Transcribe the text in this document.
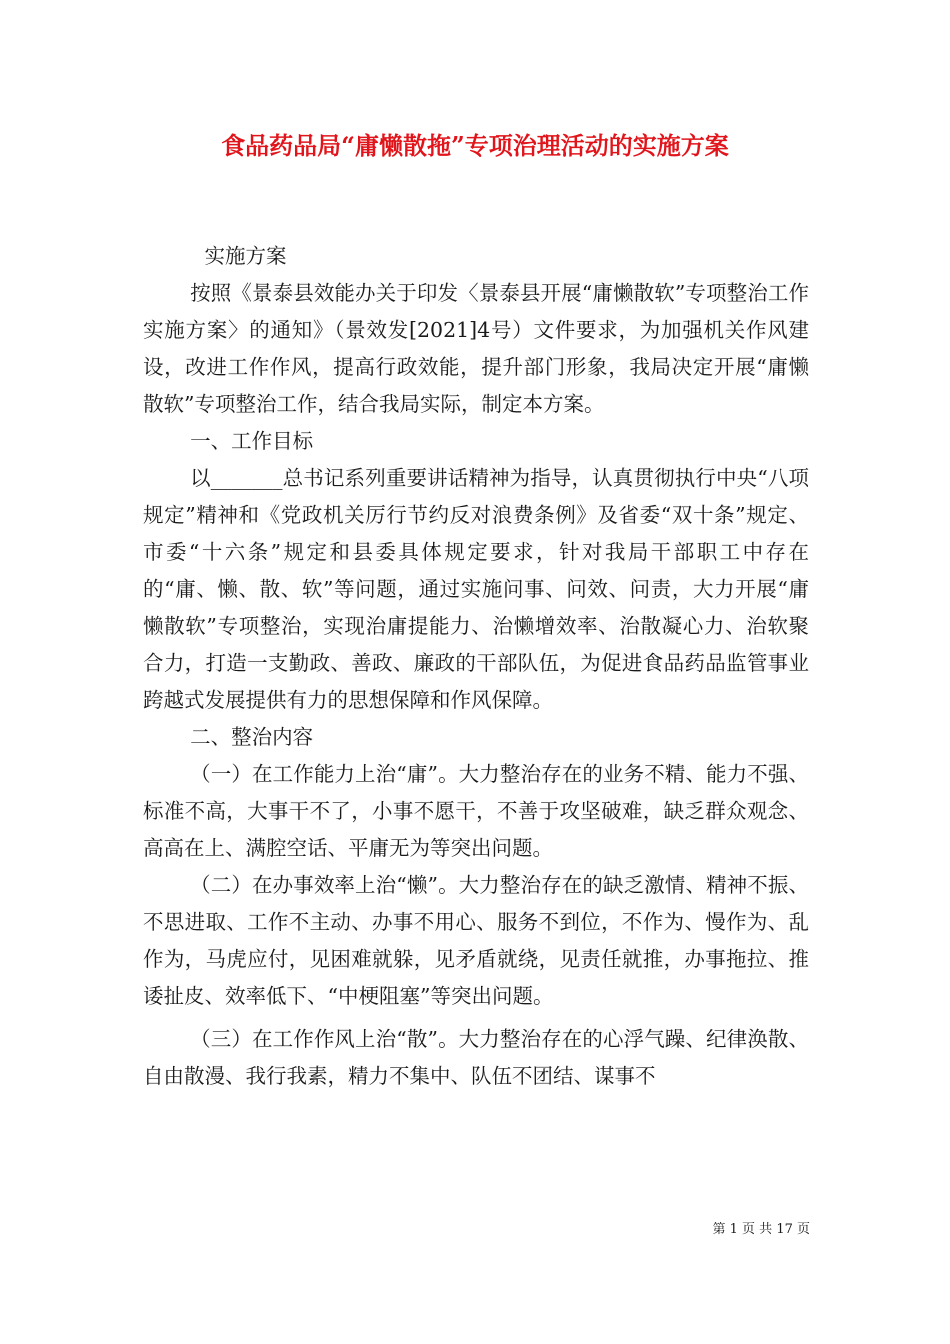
食品药品局“庸懒散拖”专项治理活动的实施方案

实施方案

按照《景泰县效能办关于印发〈景泰县开展“庸懒散软”专项整治工作实施方案〉的通知》（景效发[2021]4号）文件要求，为加强机关作风建设，改进工作作风，提高行政效能，提升部门形象，我局决定开展“庸懒散软”专项整治工作，结合我局实际，制定本方案。

一、工作目标

以_______总书记系列重要讲话精神为指导，认真贯彻执行中央“八项规定”精神和《党政机关厉行节约反对浪费条例》及省委“双十条”规定、市委“十六条”规定和县委具体规定要求，针对我局干部职工中存在的“庸、懒、散、软”等问题，通过实施问事、问效、问责，大力开展“庸懒散软”专项整治，实现治庸提能力、治懒增效率、治散凝心力、治软聚合力，打造一支勤政、善政、廉政的干部队伍，为促进食品药品监管事业跨越式发展提供有力的思想保障和作风保障。

二、整治内容

（一）在工作能力上治“庸”。大力整治存在的业务不精、能力不强、标准不高，大事干不了，小事不愿干，不善于攻坚破难，缺乏群众观念、高高在上、满腔空话、平庸无为等突出问题。

（二）在办事效率上治“懒”。大力整治存在的缺乏激情、精神不振、不思进取、工作不主动、办事不用心、服务不到位，不作为、慢作为、乱作为，马虎应付，见困难就躲，见矛盾就绕，见责任就推，办事拖拉、推诿扯皮、效率低下、“中梗阻塞”等突出问题。

（三）在工作作风上治“散”。大力整治存在的心浮气躁、纪律涣散、自由散漫、我行我素，精力不集中、队伍不团结、谋事不

第 1 页 共 17 页
